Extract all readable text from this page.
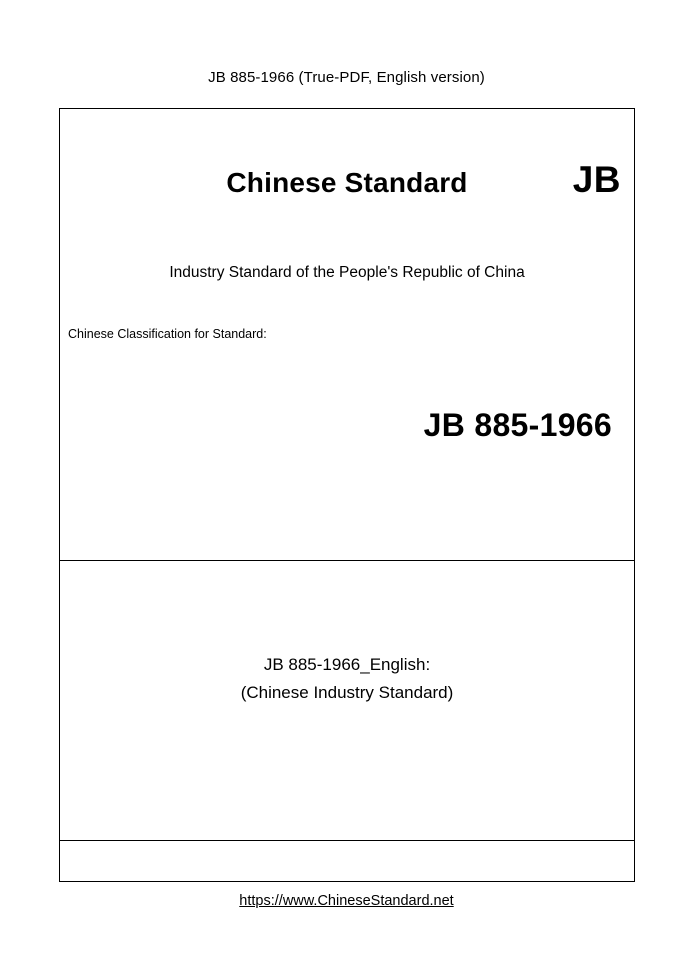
JB 885-1966 (True-PDF, English version)
Chinese Standard	JB
Industry Standard of the People's Republic of China
Chinese Classification for Standard:
JB 885-1966
JB 885-1966_English:
(Chinese Industry Standard)
https://www.ChineseStandard.net
